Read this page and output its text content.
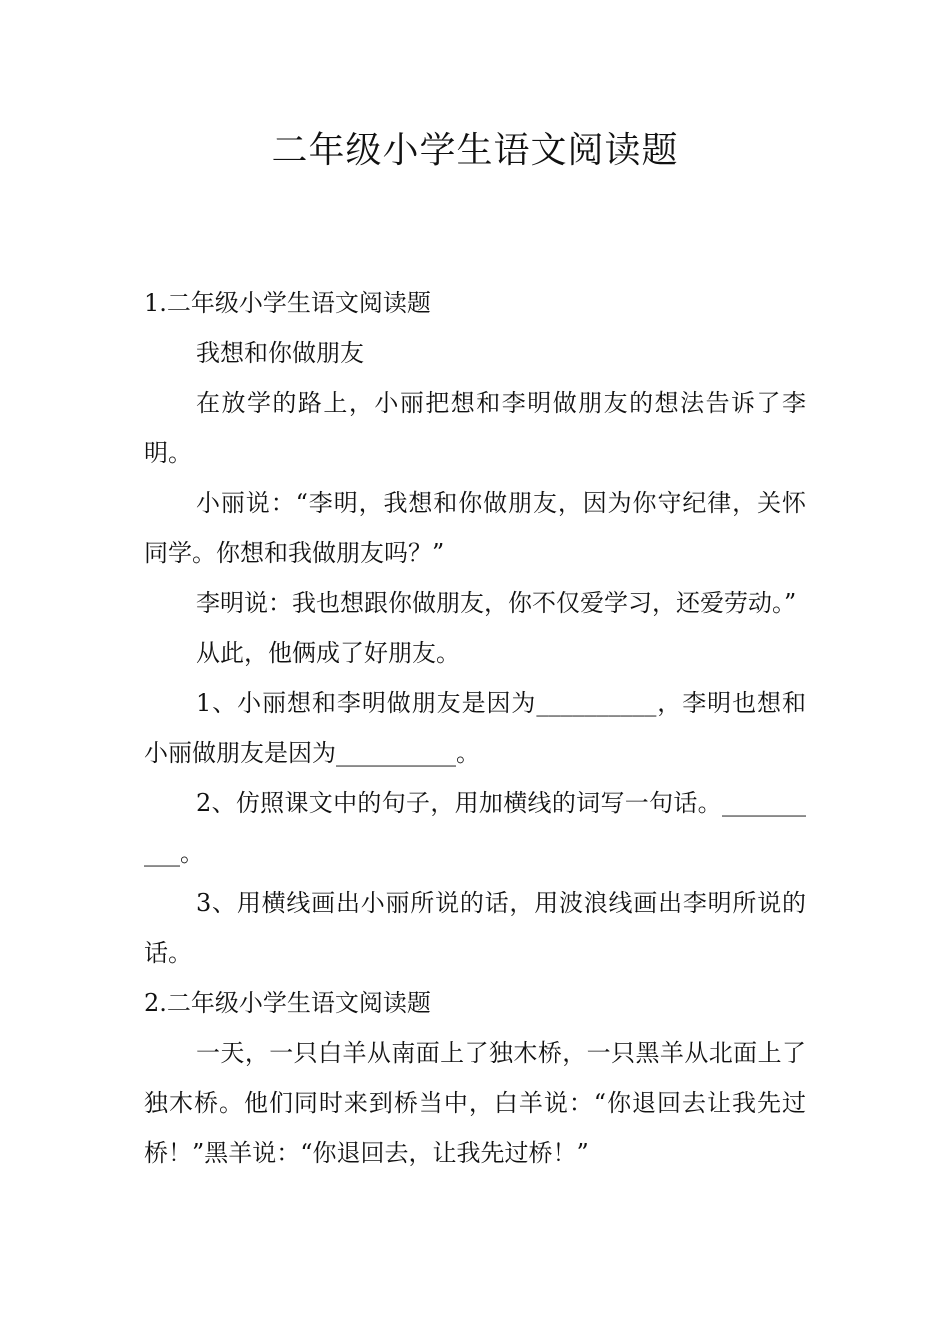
二年级小学生语文阅读题

1.二年级小学生语文阅读题

我想和你做朋友

在放学的路上，小丽把想和李明做朋友的想法告诉了李明。

小丽说：“李明，我想和你做朋友，因为你守纪律，关怀同学。你想和我做朋友吗？”

李明说：我也想跟你做朋友，你不仅爱学习，还爱劳动。”

从此，他俩成了好朋友。

1、小丽想和李明做朋友是因为__________，李明也想和小丽做朋友是因为__________。

2、仿照课文中的句子，用加横线的词写一句话。__________。

3、用横线画出小丽所说的话，用波浪线画出李明所说的话。

2.二年级小学生语文阅读题

一天，一只白羊从南面上了独木桥，一只黑羊从北面上了独木桥。他们同时来到桥当中，白羊说：“你退回去让我先过桥！”黑羊说：“你退回去，让我先过桥！”
